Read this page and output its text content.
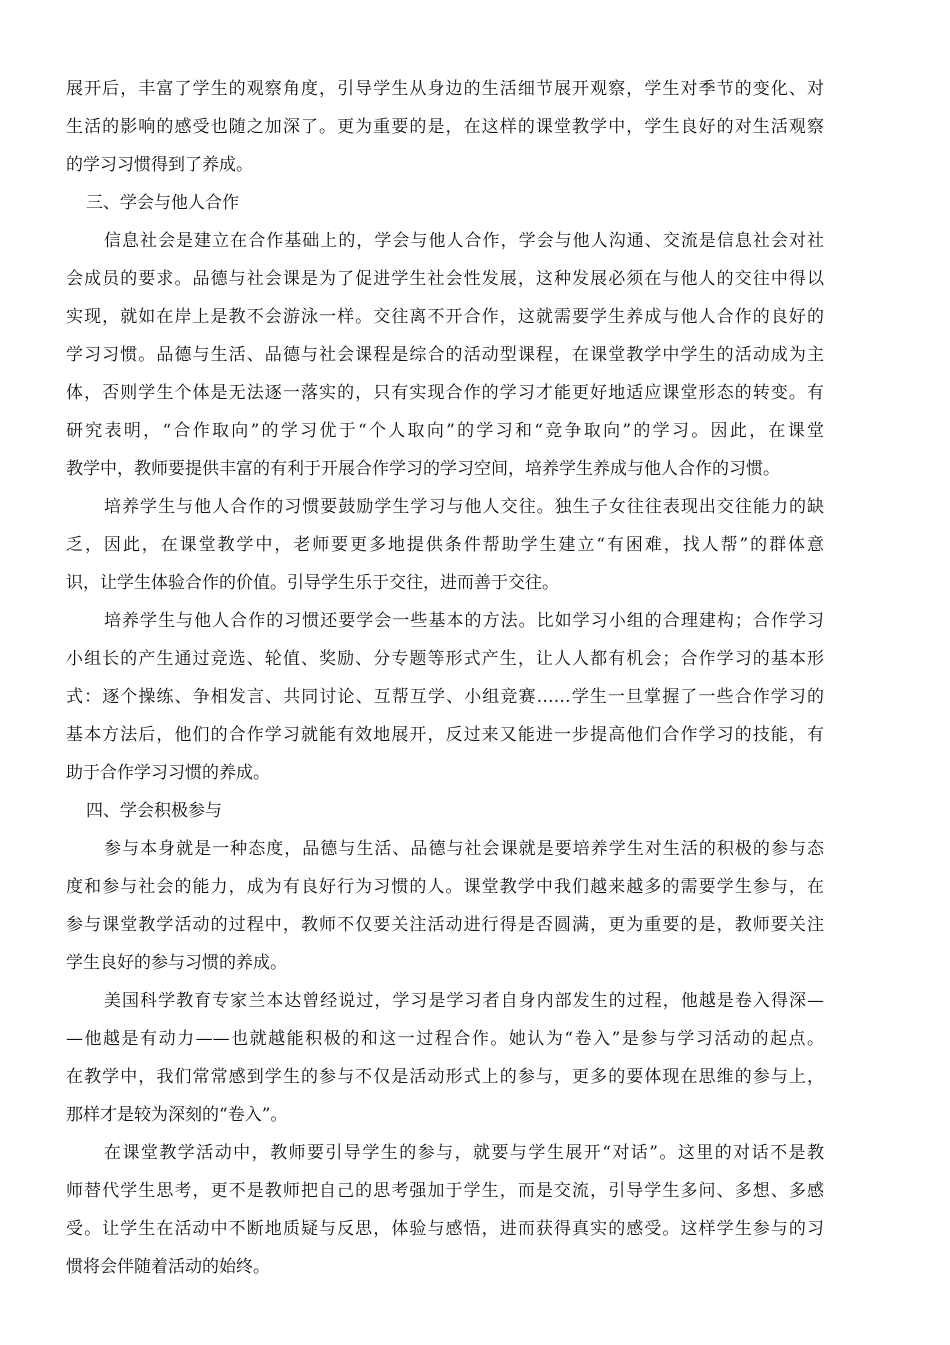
展开后，丰富了学生的观察角度，引导学生从身边的生活细节展开观察，学生对季节的变化、对
生活的影响的感受也随之加深了。更为重要的是，在这样的课堂教学中，学生良好的对生活观察
的学习习惯得到了养成。
三、学会与他人合作
信息社会是建立在合作基础上的，学会与他人合作，学会与他人沟通、交流是信息社会对社
会成员的要求。品德与社会课是为了促进学生社会性发展，这种发展必须在与他人的交往中得以
实现，就如在岸上是教不会游泳一样。交往离不开合作，这就需要学生养成与他人合作的良好的
学习习惯。品德与生活、品德与社会课程是综合的活动型课程，在课堂教学中学生的活动成为主
体，否则学生个体是无法逐一落实的，只有实现合作的学习才能更好地适应课堂形态的转变。有
研究表明，“合作取向”的学习优于“个人取向”的学习和“竞争取向”的学习。因此，在课堂
教学中，教师要提供丰富的有利于开展合作学习的学习空间，培养学生养成与他人合作的习惯。
培养学生与他人合作的习惯要鼓励学生学习与他人交往。独生子女往往表现出交往能力的缺
乏，因此，在课堂教学中，老师要更多地提供条件帮助学生建立“有困难，找人帮”的群体意
识，让学生体验合作的价值。引导学生乐于交往，进而善于交往。
培养学生与他人合作的习惯还要学会一些基本的方法。比如学习小组的合理建构；合作学习
小组长的产生通过竞选、轮值、奖励、分专题等形式产生，让人人都有机会；合作学习的基本形
式：逐个操练、争相发言、共同讨论、互帮互学、小组竞赛……学生一旦掌握了一些合作学习的
基本方法后，他们的合作学习就能有效地展开，反过来又能进一步提高他们合作学习的技能，有
助于合作学习习惯的养成。
四、学会积极参与
参与本身就是一种态度，品德与生活、品德与社会课就是要培养学生对生活的积极的参与态
度和参与社会的能力，成为有良好行为习惯的人。课堂教学中我们越来越多的需要学生参与，在
参与课堂教学活动的过程中，教师不仅要关注活动进行得是否圆满，更为重要的是，教师要关注
学生良好的参与习惯的养成。
美国科学教育专家兰本达曾经说过，学习是学习者自身内部发生的过程，他越是卷入得深—
—他越是有动力——也就越能积极的和这一过程合作。她认为“卷入”是参与学习活动的起点。
在教学中，我们常常感到学生的参与不仅是活动形式上的参与，更多的要体现在思维的参与上，
那样才是较为深刻的“卷入”。
在课堂教学活动中，教师要引导学生的参与，就要与学生展开“对话”。这里的对话不是教
师替代学生思考，更不是教师把自己的思考强加于学生，而是交流，引导学生多问、多想、多感
受。让学生在活动中不断地质疑与反思，体验与感悟，进而获得真实的感受。这样学生参与的习
惯将会伴随着活动的始终。
